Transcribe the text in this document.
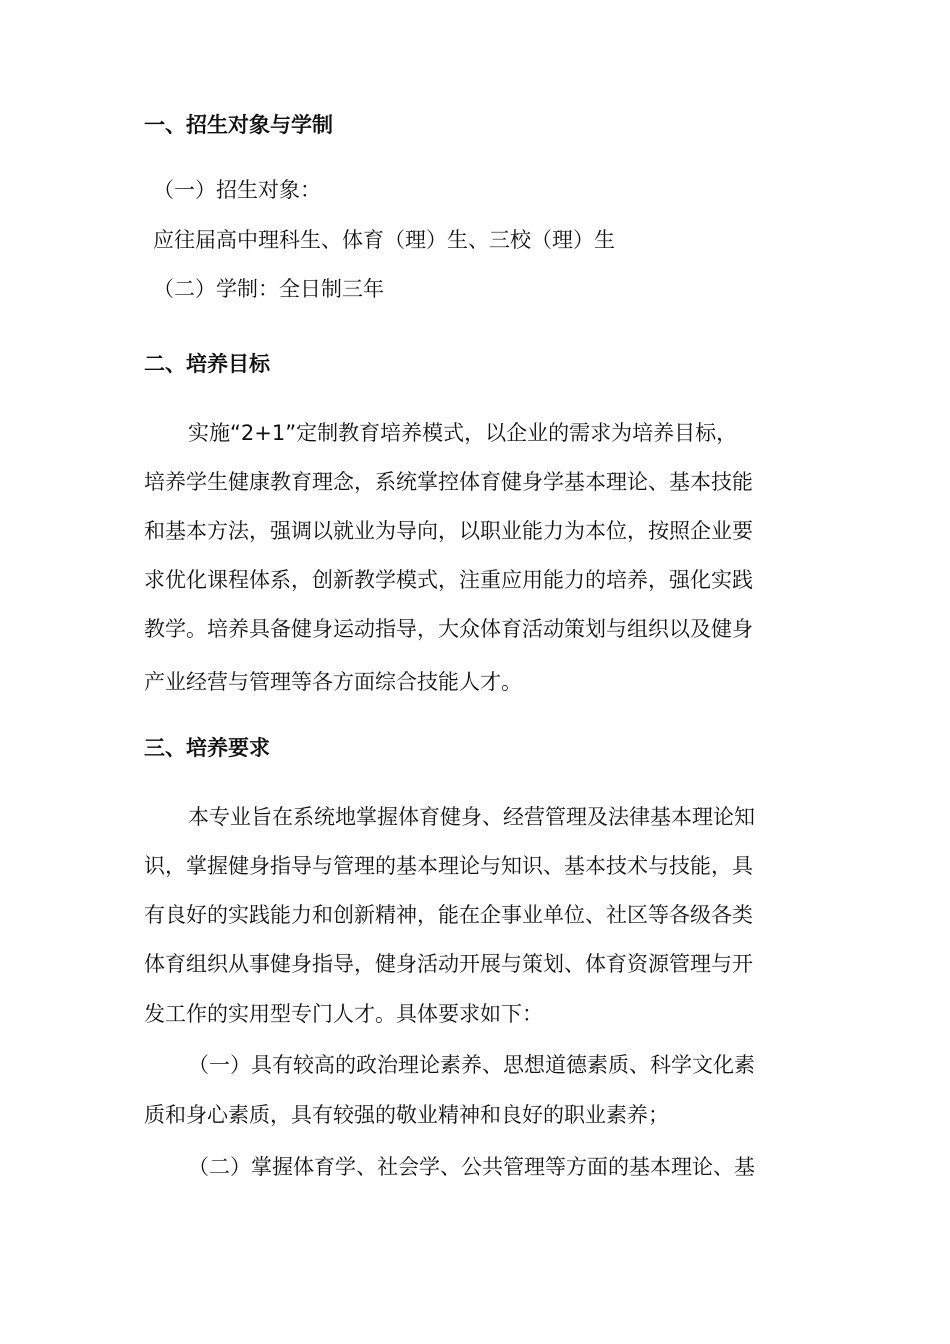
一、招生对象与学制
（一）招生对象：
应往届高中理科生、体育（理）生、三校（理）生
（二）学制：全日制三年
二、培养目标
实施“2+1”定制教育培养模式，以企业的需求为培养目标，
培养学生健康教育理念，系统掌控体育健身学基本理论、基本技能
和基本方法，强调以就业为导向，以职业能力为本位，按照企业要
求优化课程体系，创新教学模式，注重应用能力的培养，强化实践
教学。培养具备健身运动指导，大众体育活动策划与组织以及健身
产业经营与管理等各方面综合技能人才。
三、培养要求
本专业旨在系统地掌握体育健身、经营管理及法律基本理论知
识，掌握健身指导与管理的基本理论与知识、基本技术与技能，具
有良好的实践能力和创新精神，能在企事业单位、社区等各级各类
体育组织从事健身指导，健身活动开展与策划、体育资源管理与开
发工作的实用型专门人才。具体要求如下：
（一）具有较高的政治理论素养、思想道德素质、科学文化素
质和身心素质，具有较强的敬业精神和良好的职业素养；
（二）掌握体育学、社会学、公共管理等方面的基本理论、基
